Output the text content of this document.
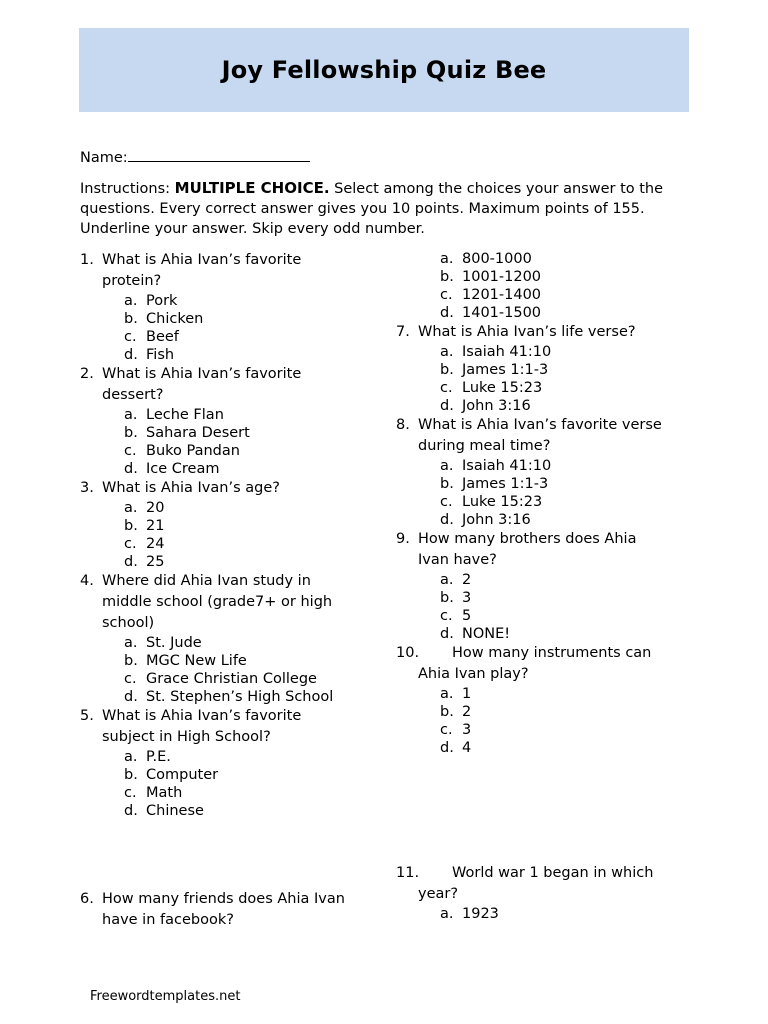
Joy Fellowship Quiz Bee
Name:
Instructions: MULTIPLE CHOICE. Select among the choices your answer to the questions. Every correct answer gives you 10 points. Maximum points of 155. Underline your answer. Skip every odd number.
1. What is Ahia Ivan’s favorite
protein?
a. Pork
b. Chicken
c. Beef
d. Fish
2. What is Ahia Ivan’s favorite
dessert?
a. Leche Flan
b. Sahara Desert
c. Buko Pandan
d. Ice Cream
3. What is Ahia Ivan’s age?
a. 20
b. 21
c. 24
d. 25
4. Where did Ahia Ivan study in
middle school (grade7+ or high
school)
a. St. Jude
b. MGC New Life
c. Grace Christian College
d. St. Stephen’s High School
5. What is Ahia Ivan’s favorite
subject in High School?
a. P.E.
b. Computer
c. Math
d. Chinese
6. How many friends does Ahia Ivan
have in facebook?
a. 800-1000
b. 1001-1200
c. 1201-1400
d. 1401-1500
7. What is Ahia Ivan’s life verse?
a. Isaiah 41:10
b. James 1:1-3
c. Luke 15:23
d. John 3:16
8. What is Ahia Ivan’s favorite verse
during meal time?
a. Isaiah 41:10
b. James 1:1-3
c. Luke 15:23
d. John 3:16
9. How many brothers does Ahia
Ivan have?
a. 2
b. 3
c. 5
d. NONE!
10. How many instruments can
Ahia Ivan play?
a. 1
b. 2
c. 3
d. 4
11. World war 1 began in which
year?
a. 1923
Freewordtemplates.net
